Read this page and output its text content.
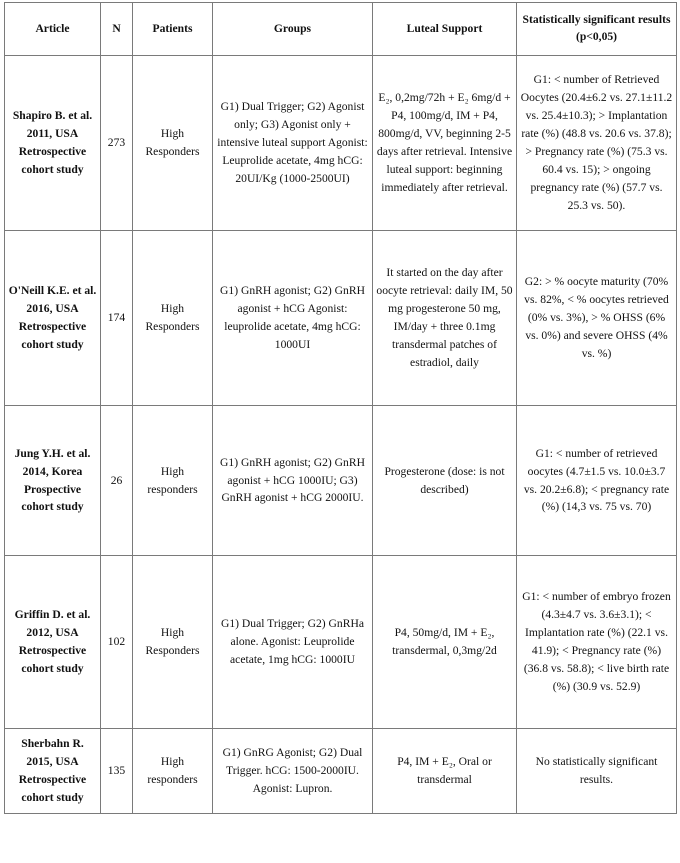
Article	N	Patients	Groups	Luteal Support	Statistically significant results (p<0,05)
Shapiro B. et al. 2011, USA Retrospective cohort study	273	High Responders	G1) Dual Trigger; G2) Agonist only; G3) Agonist only + intensive luteal support Agonist: Leuprolide acetate, 4mg hCG: 20UI/Kg (1000-2500UI)	E₂, 0,2mg/72h + E₂ 6mg/d + P4, 100mg/d, IM + P4, 800mg/d, VV, beginning 2-5 days after retrieval. Intensive luteal support: beginning immediately after retrieval.	G1: < number of Retrieved Oocytes (20.4±6.2 vs. 27.1±11.2 vs. 25.4±10.3); > Implantation rate (%) (48.8 vs. 20.6 vs. 37.8); > Pregnancy rate (%) (75.3 vs. 60.4 vs. 15); > ongoing pregnancy rate (%) (57.7 vs. 25.3 vs. 50).
O'Neill K.E. et al. 2016, USA Retrospective cohort study	174	High Responders	G1) GnRH agonist; G2) GnRH agonist + hCG Agonist: leuprolide acetate, 4mg hCG: 1000UI	It started on the day after oocyte retrieval: daily IM, 50 mg progesterone 50 mg, IM/day + three 0.1mg transdermal patches of estradiol, daily	G2: > % oocyte maturity (70% vs. 82%, < % oocytes retrieved (0% vs. 3%), > % OHSS (6% vs. 0%) and severe OHSS (4% vs. %)
Jung Y.H. et al. 2014, Korea Prospective cohort study	26	High responders	G1) GnRH agonist; G2) GnRH agonist + hCG 1000IU; G3) GnRH agonist + hCG 2000IU.	Progesterone (dose: is not described)	G1: < number of retrieved oocytes (4.7±1.5 vs. 10.0±3.7 vs. 20.2±6.8); < pregnancy rate (%) (14,3 vs. 75 vs. 70)
Griffin D. et al. 2012, USA Retrospective cohort study	102	High Responders	G1) Dual Trigger; G2) GnRHa alone. Agonist: Leuprolide acetate, 1mg hCG: 1000IU	P4, 50mg/d, IM + E₂, transdermal, 0,3mg/2d	G1: < number of embryo frozen (4.3±4.7 vs. 3.6±3.1); < Implantation rate (%) (22.1 vs. 41.9); < Pregnancy rate (%) (36.8 vs. 58.8); < live birth rate (%) (30.9 vs. 52.9)
Sherbahn R. 2015, USA Retrospective cohort study	135	High responders	G1) GnRG Agonist; G2) Dual Trigger. hCG: 1500-2000IU. Agonist: Lupron.	P4, IM + E₂, Oral or transdermal	No statistically significant results.
